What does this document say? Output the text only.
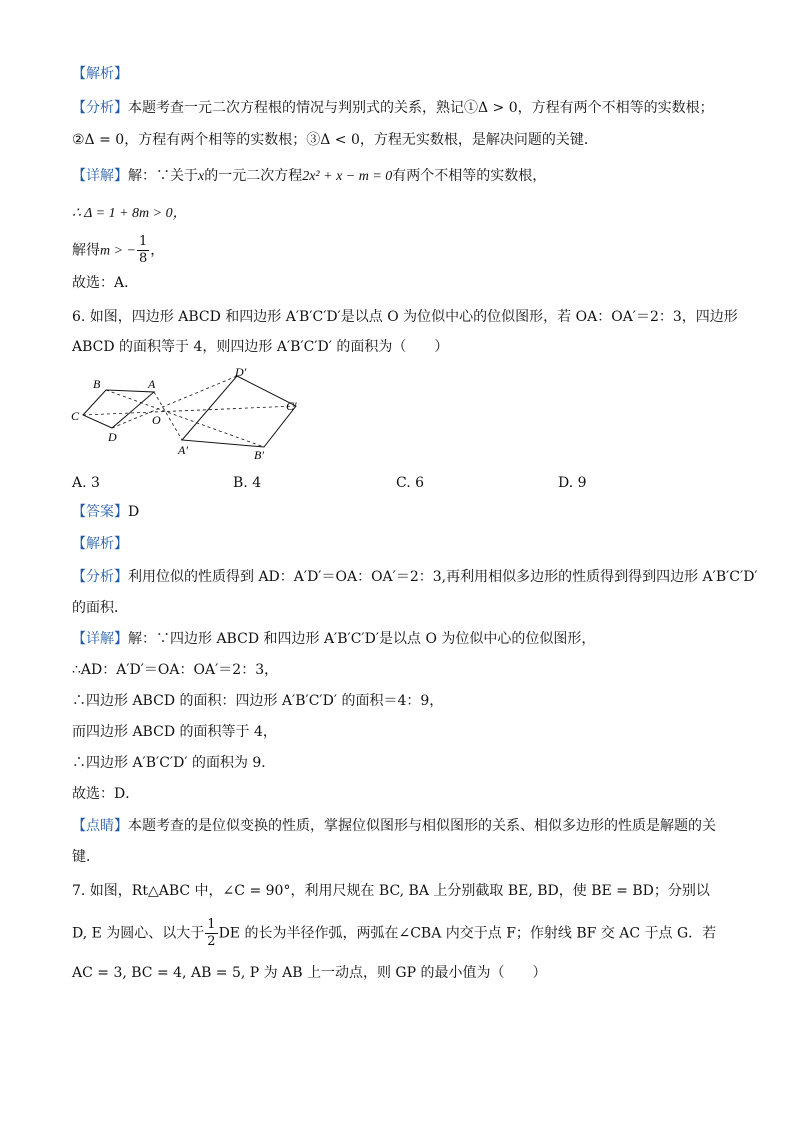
【解析】
【分析】本题考查一元二次方程根的情况与判别式的关系，熟记①Δ > 0，方程有两个不相等的实数根；
②Δ = 0，方程有两个相等的实数根；③Δ < 0，方程无实数根，是解决问题的关键．
【详解】解：∵关于x的一元二次方程2x² + x − m = 0有两个不相等的实数根，
∴ Δ = 1 + 8m > 0，
解得m > − $\frac{1}{8}$ ，
故选：A．
6. 如图，四边形 ABCD 和四边形 A′B′C′D′是以点 O 为位似中心的位似图形，若 OA：OA′＝2：3，四边形
ABCD 的面积等于 4，则四边形 A′B′C′D′ 的面积为（　　）
B	A
C
D
O
D′
C′
B′
A′
A. 3	B. 4	C. 6	D. 9
【答案】D
【解析】
【分析】利用位似的性质得到 AD：A′D′＝OA：OA′＝2：3,再利用相似多边形的性质得到得到四边形 A′B′C′D′
的面积．
【详解】解：∵四边形 ABCD 和四边形 A′B′C′D′是以点 O 为位似中心的位似图形，
∴AD：A′D′＝OA：OA′＝2：3，
∴四边形 ABCD 的面积：四边形 A′B′C′D′ 的面积＝4：9，
而四边形 ABCD 的面积等于 4，
∴四边形 A′B′C′D′ 的面积为 9．
故选：D．
【点睛】本题考查的是位似变换的性质，掌握位似图形与相似图形的关系、相似多边形的性质是解题的关
键．
7. 如图，Rt△ABC 中，∠C = 90°，利用尺规在 BC, BA 上分别截取 BE, BD，使 BE = BD；分别以
D, E 为圆心、以大于 $\frac{1}{2}$ DE 的长为半径作弧，两弧在∠CBA 内交于点 F；作射线 BF 交 AC 于点 G．若
AC = 3, BC = 4, AB = 5, P 为 AB 上一动点，则 GP 的最小值为（　　）
